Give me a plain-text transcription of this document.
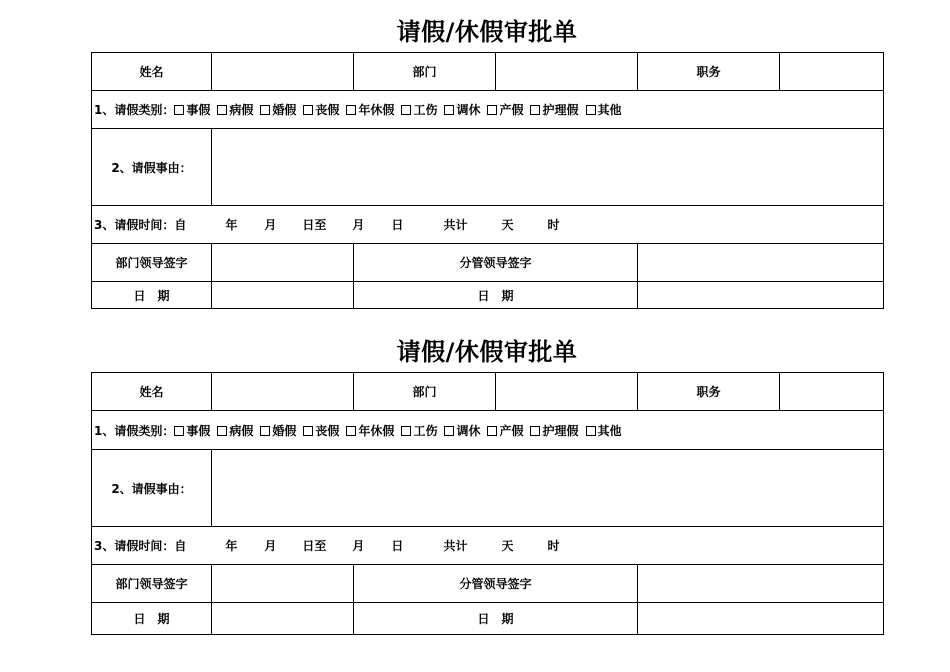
请假/休假审批单
姓名		部门		职务	
1、请假类别： 事假 病假 婚假 丧假 年休假 工伤 调休 产假 护理假 其他					
2、请假事由：					
3、请假时间：自 年 月 日至 月 日 共计 天 时					
部门领导签字		分管领导签字			
日　期		日　期			
请假/休假审批单
姓名		部门		职务	
1、请假类别： 事假 病假 婚假 丧假 年休假 工伤 调休 产假 护理假 其他					
2、请假事由：					
3、请假时间：自 年 月 日至 月 日 共计 天 时					
部门领导签字		分管领导签字			
日　期		日　期			
